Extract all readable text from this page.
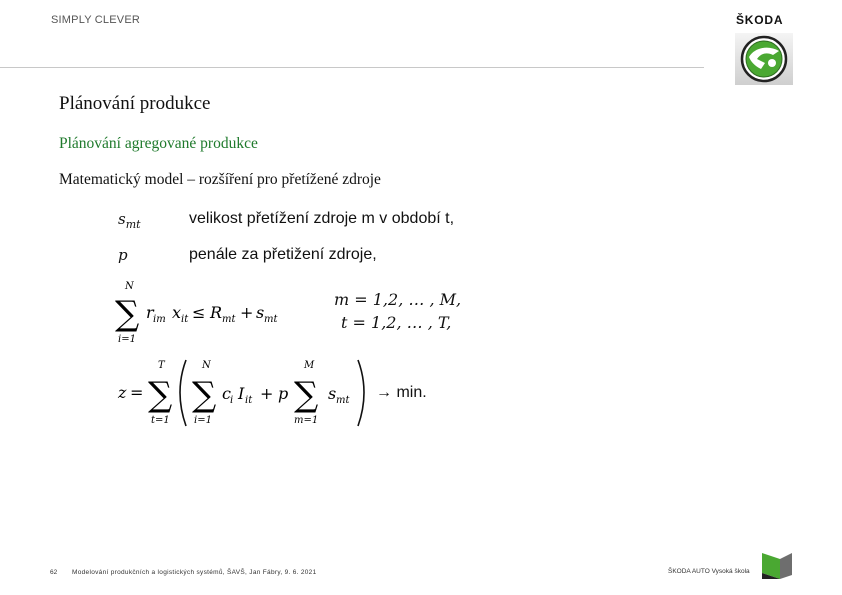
SIMPLY CLEVER	ŠKODA
Plánování produkce
Plánování agregované produkce
Matematický model – rozšíření pro přetížené zdroje
$s_{mt}$	velikost přetížení zdroje m v období t,
p	penále za přetižení zdroje,
N
∑
i=1
r im x it ≤ R mt + s mt
m = 1,2, … , M,
t = 1,2, … , T,
z =
T
∑
t=1
N
∑
i=1
c i I it + p
M
∑
m=1
s mt → min.
62 Modelování produkčních a logistických systémů, ŠAVŠ, Jan Fábry, 9. 6. 2021	ŠKODA AUTO Vysoká škola
